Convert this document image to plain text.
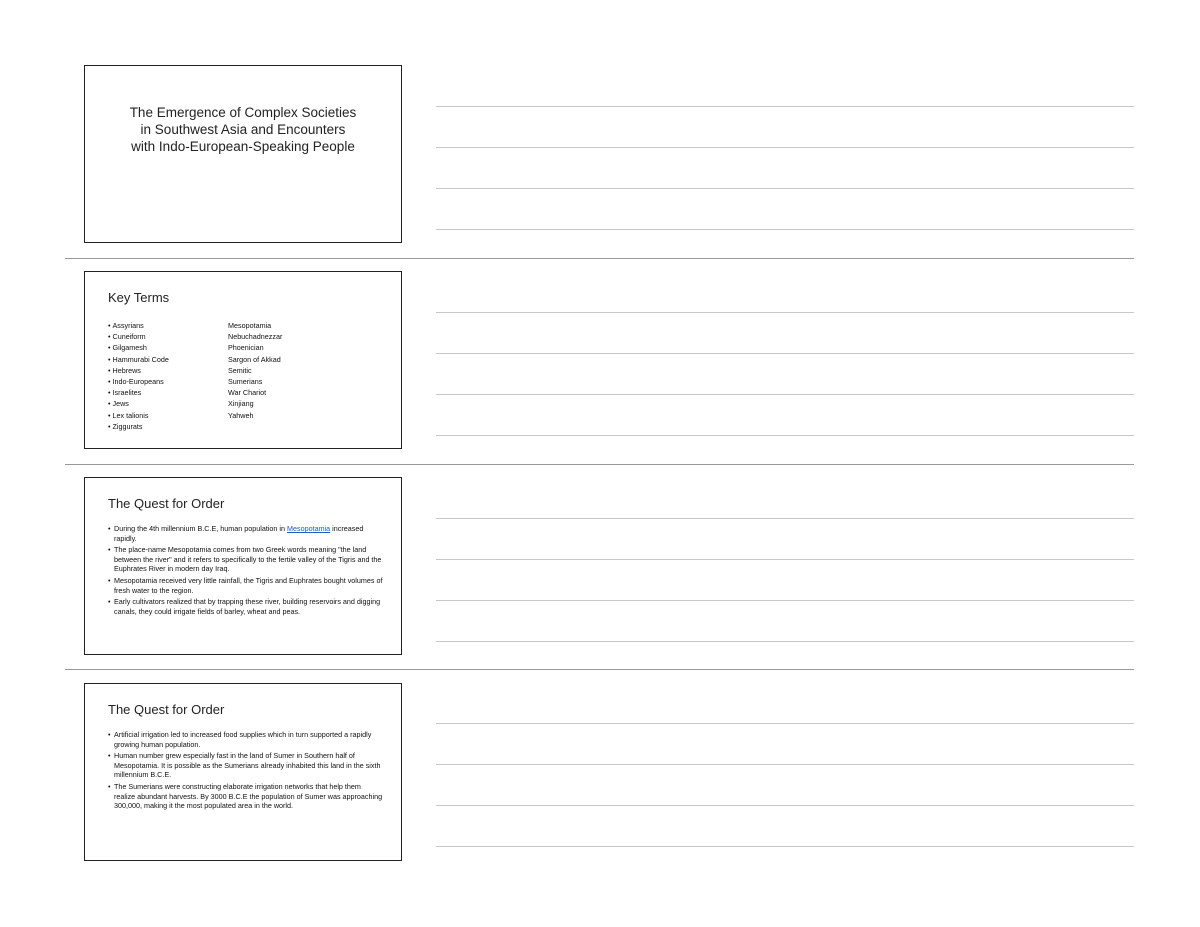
The Emergence of Complex Societies
in Southwest Asia and Encounters
with Indo-European-Speaking People
Key Terms
• Assyrians
• Cuneiform
• Gilgamesh
• Hammurabi Code
• Hebrews
• Indo-Europeans
• Israelites
• Jews
• Lex talionis
• Ziggurats
Mesopotamia
Nebuchadnezzar
Phoenician
Sargon of Akkad
Semitic
Sumerians
War Chariot
Xinjiang
Yahweh
The Quest for Order
• During the 4th millennium B.C.E, human population in Mesopotamia increased rapidly.
• The place-name Mesopotamia comes from two Greek words meaning "the land between the river" and it refers to specifically to the fertile valley of the Tigris and the Euphrates River in modern day Iraq.
• Mesopotamia received very little rainfall, the Tigris and Euphrates bought volumes of fresh water to the region.
• Early cultivators realized that by trapping these river, building reservoirs and digging canals, they could irrigate fields of barley, wheat and peas.
The Quest for Order
• Artificial irrigation led to increased food supplies which in turn supported a rapidly growing human population.
• Human number grew especially fast in the land of Sumer in Southern half of Mesopotamia. It is possible as the Sumerians already inhabited this land in the sixth millennium B.C.E.
• The Sumerians were constructing elaborate irrigation networks that help them realize abundant harvests. By 3000 B.C.E the population of Sumer was approaching 300,000, making it the most populated area in the world.
